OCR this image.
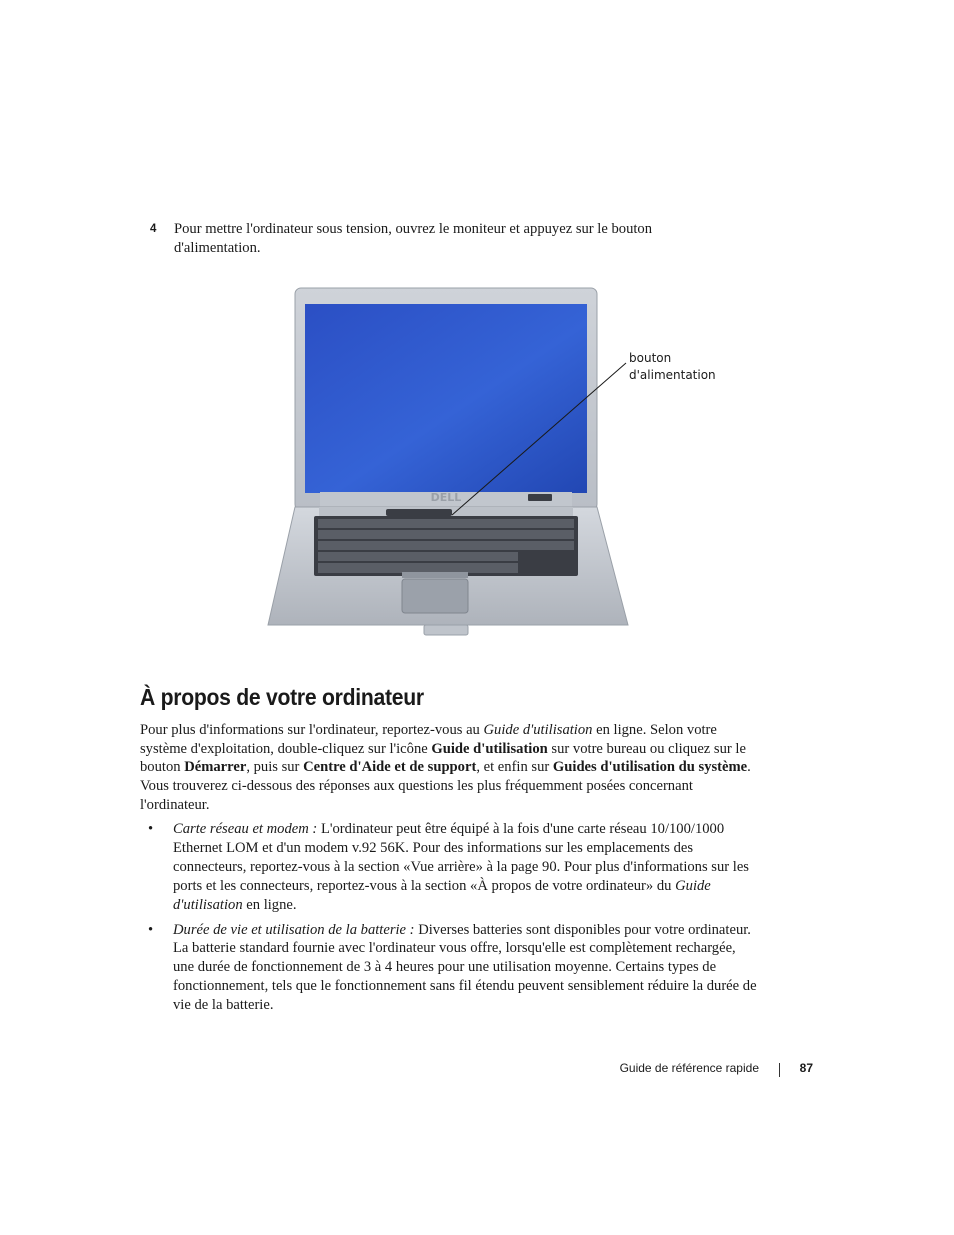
4 Pour mettre l'ordinateur sous tension, ouvrez le moniteur et appuyez sur le bouton d'alimentation.
DELL
bouton
d'alimentation
À propos de votre ordinateur

Pour plus d'informations sur l'ordinateur, reportez-vous au Guide d'utilisation en ligne. Selon votre système d'exploitation, double-cliquez sur l'icône Guide d'utilisation sur votre bureau ou cliquez sur le bouton Démarrer, puis sur Centre d'Aide et de support, et enfin sur Guides d'utilisation du système. Vous trouverez ci-dessous des réponses aux questions les plus fréquemment posées concernant l'ordinateur.

• Carte réseau et modem : L'ordinateur peut être équipé à la fois d'une carte réseau 10/100/1000 Ethernet LOM et d'un modem v.92 56K. Pour des informations sur les emplacements des connecteurs, reportez-vous à la section «Vue arrière» à la page 90. Pour plus d'informations sur les ports et les connecteurs, reportez-vous à la section «À propos de votre ordinateur» du Guide d'utilisation en ligne.
• Durée de vie et utilisation de la batterie : Diverses batteries sont disponibles pour votre ordinateur. La batterie standard fournie avec l'ordinateur vous offre, lorsqu'elle est complètement rechargée, une durée de fonctionnement de 3 à 4 heures pour une utilisation moyenne. Certains types de fonctionnement, tels que le fonctionnement sans fil étendu peuvent sensiblement réduire la durée de vie de la batterie.
Guide de référence rapide	87
